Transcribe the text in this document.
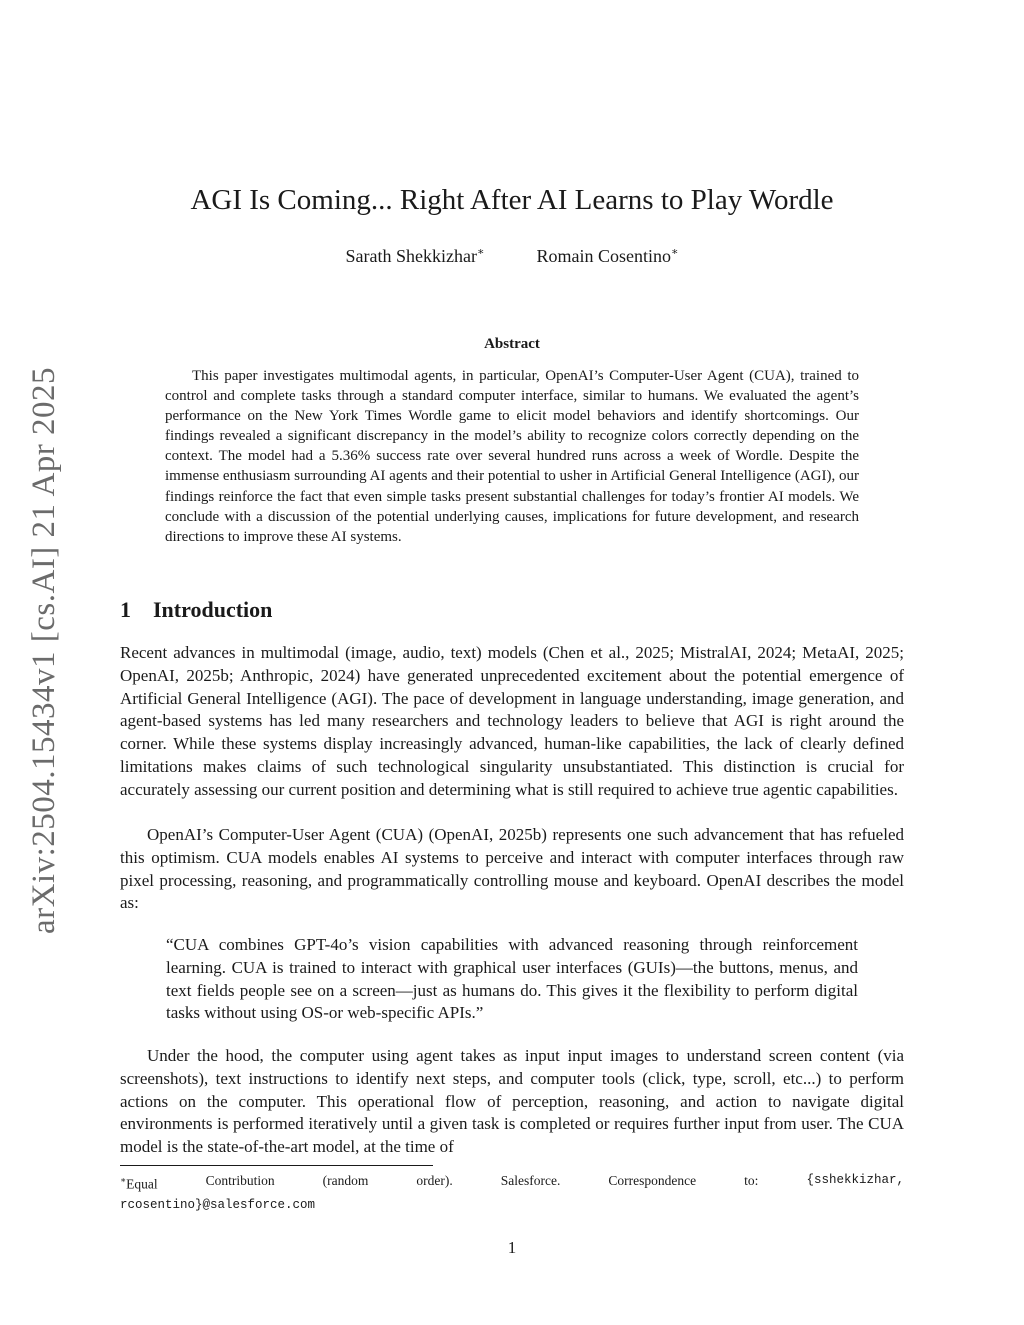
arXiv:2504.15434v1 [cs.AI] 21 Apr 2025
AGI Is Coming... Right After AI Learns to Play Wordle
Sarath Shekkizhar∗	Romain Cosentino∗
Abstract

This paper investigates multimodal agents, in particular, OpenAI’s Computer-User Agent (CUA), trained to control and complete tasks through a standard computer interface, similar to humans. We evaluated the agent’s performance on the New York Times Wordle game to elicit model behaviors and identify shortcomings. Our findings revealed a significant discrepancy in the model’s ability to recognize colors correctly depending on the context. The model had a 5.36% success rate over several hundred runs across a week of Wordle. Despite the immense enthusiasm surrounding AI agents and their potential to usher in Artificial General Intelligence (AGI), our findings reinforce the fact that even simple tasks present substantial challenges for today’s frontier AI models. We conclude with a discussion of the potential underlying causes, implications for future development, and research directions to improve these AI systems.

1 Introduction

Recent advances in multimodal (image, audio, text) models (Chen et al., 2025; MistralAI, 2024; MetaAI, 2025; OpenAI, 2025b; Anthropic, 2024) have generated unprecedented excitement about the potential emergence of Artificial General Intelligence (AGI). The pace of development in language understanding, image generation, and agent-based systems has led many researchers and technology leaders to believe that AGI is right around the corner. While these systems display increasingly advanced, human-like capabilities, the lack of clearly defined limitations makes claims of such technological singularity unsubstantiated. This distinction is crucial for accurately assessing our current position and determining what is still required to achieve true agentic capabilities.

OpenAI’s Computer-User Agent (CUA) (OpenAI, 2025b) represents one such advancement that has refueled this optimism. CUA models enables AI systems to perceive and interact with computer interfaces through raw pixel processing, reasoning, and programmatically controlling mouse and keyboard. OpenAI describes the model as:

“CUA combines GPT-4o’s vision capabilities with advanced reasoning through reinforcement learning. CUA is trained to interact with graphical user interfaces (GUIs)—the buttons, menus, and text fields people see on a screen—just as humans do. This gives it the flexibility to perform digital tasks without using OS-or web-specific APIs.”

Under the hood, the computer using agent takes as input input images to understand screen content (via screenshots), text instructions to identify next steps, and computer tools (click, type, scroll, etc...) to perform actions on the computer. This operational flow of perception, reasoning, and action to navigate digital environments is performed iteratively until a given task is completed or requires further input from user. The CUA model is the state-of-the-art model, at the time of

∗Equal	Contribution	(random	order).	Salesforce.	Correspondence	to:	{sshekkizhar,
rcosentino}@salesforce.com

1
